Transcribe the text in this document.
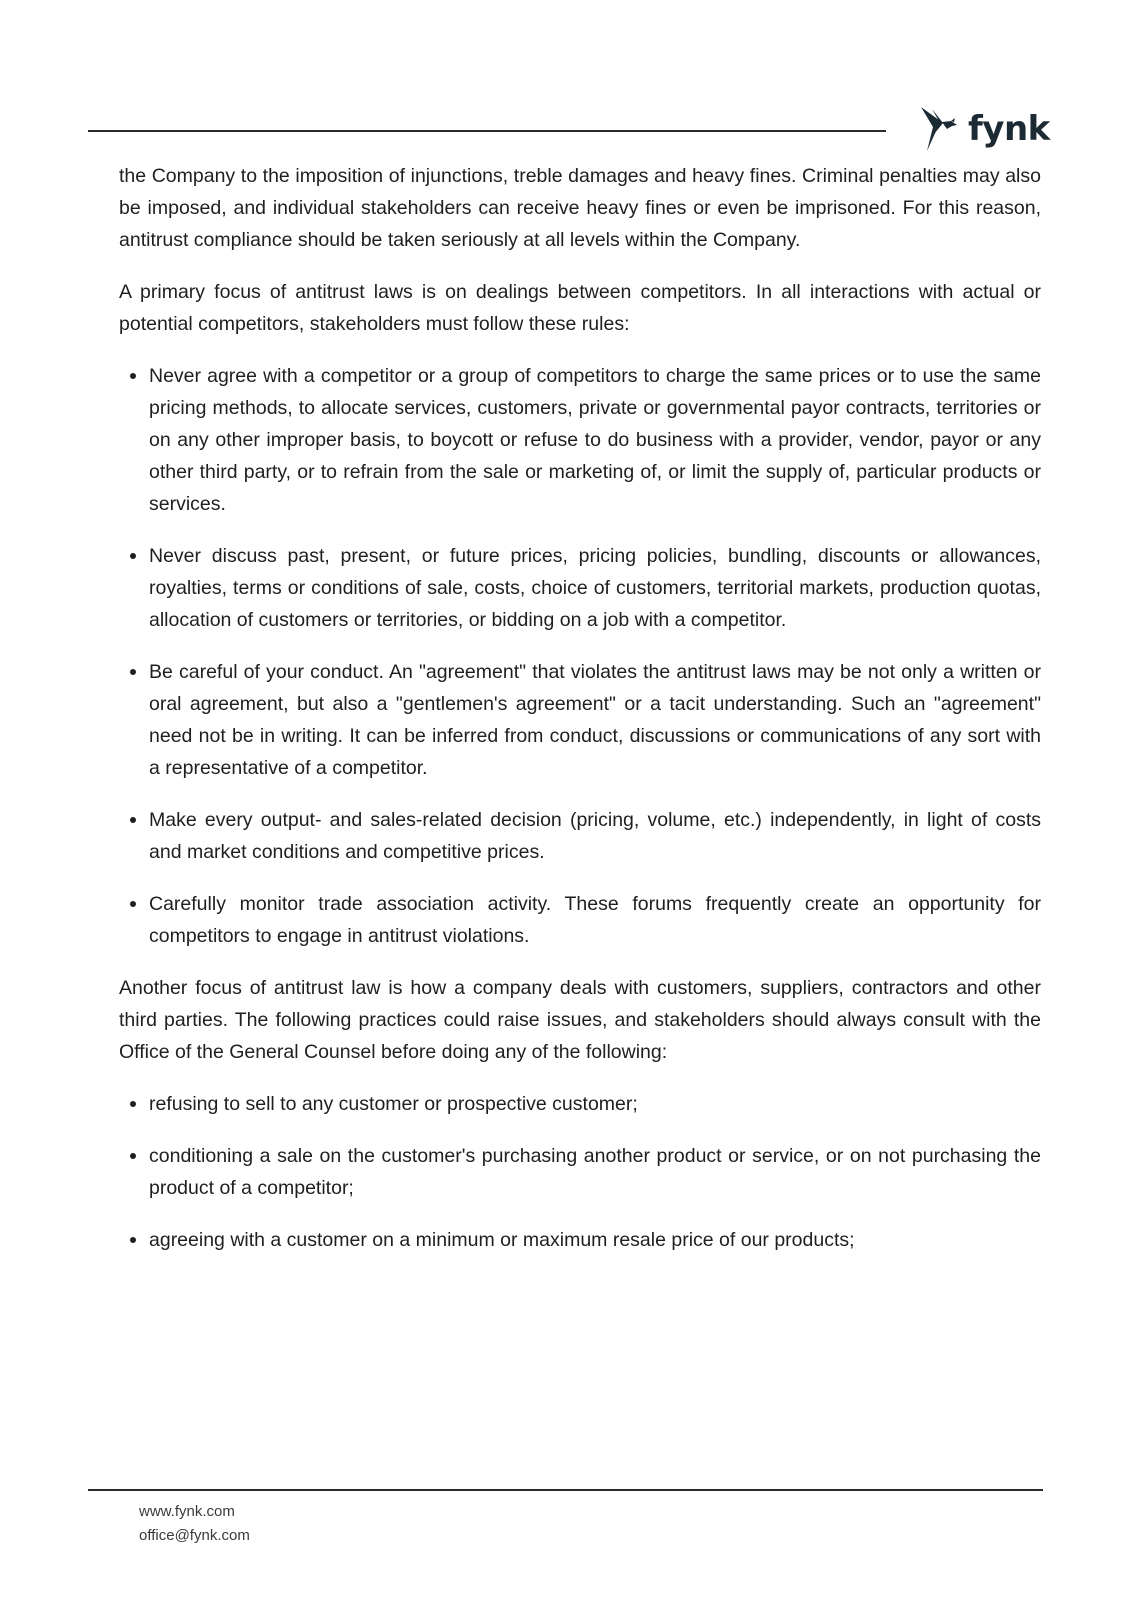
fynk

the Company to the imposition of injunctions, treble damages and heavy fines. Criminal penalties may also be imposed, and individual stakeholders can receive heavy fines or even be imprisoned. For this reason, antitrust compliance should be taken seriously at all levels within the Company.

A primary focus of antitrust laws is on dealings between competitors. In all interactions with actual or potential competitors, stakeholders must follow these rules:

Never agree with a competitor or a group of competitors to charge the same prices or to use the same pricing methods, to allocate services, customers, private or governmental payor contracts, territories or on any other improper basis, to boycott or refuse to do business with a provider, vendor, payor or any other third party, or to refrain from the sale or marketing of, or limit the supply of, particular products or services.
Never discuss past, present, or future prices, pricing policies, bundling, discounts or allowances, royalties, terms or conditions of sale, costs, choice of customers, territorial markets, production quotas, allocation of customers or territories, or bidding on a job with a competitor.
Be careful of your conduct. An "agreement" that violates the antitrust laws may be not only a written or oral agreement, but also a "gentlemen's agreement" or a tacit understanding. Such an "agreement" need not be in writing. It can be inferred from conduct, discussions or communications of any sort with a representative of a competitor.
Make every output- and sales-related decision (pricing, volume, etc.) independently, in light of costs and market conditions and competitive prices.
Carefully monitor trade association activity. These forums frequently create an opportunity for competitors to engage in antitrust violations.

Another focus of antitrust law is how a company deals with customers, suppliers, contractors and other third parties. The following practices could raise issues, and stakeholders should always consult with the Office of the General Counsel before doing any of the following:

refusing to sell to any customer or prospective customer;
conditioning a sale on the customer's purchasing another product or service, or on not purchasing the product of a competitor;
agreeing with a customer on a minimum or maximum resale price of our products;
www.fynk.com
office@fynk.com
